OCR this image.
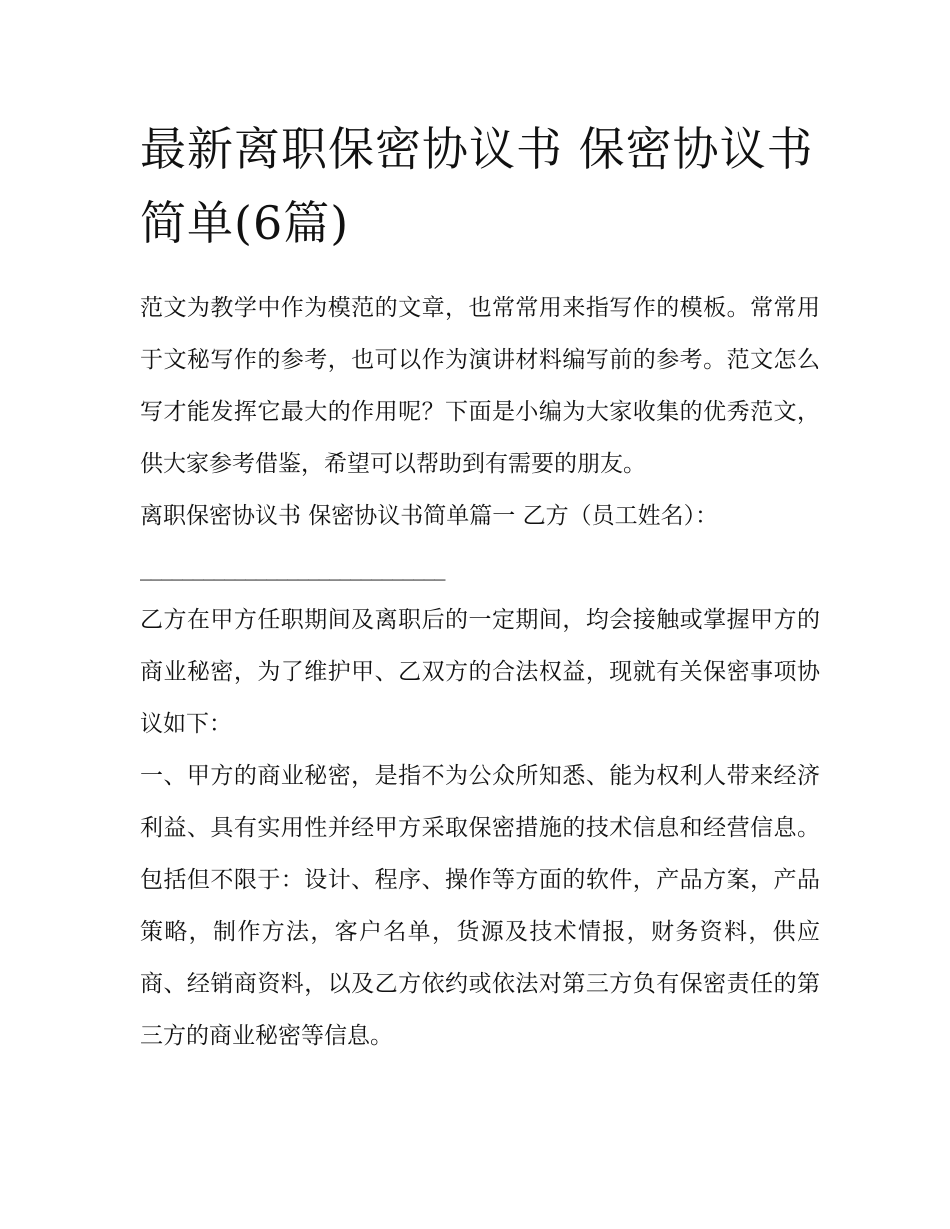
最新离职保密协议书 保密协议书简单(6篇)

范文为教学中作为模范的文章，也常常用来指写作的模板。常常用于文秘写作的参考，也可以作为演讲材料编写前的参考。范文怎么写才能发挥它最大的作用呢？下面是小编为大家收集的优秀范文，供大家参考借鉴，希望可以帮助到有需要的朋友。

离职保密协议书 保密协议书简单篇一 乙方（员工姓名）：

_____________________________

乙方在甲方任职期间及离职后的一定期间，均会接触或掌握甲方的商业秘密，为了维护甲、乙双方的合法权益，现就有关保密事项协议如下：

一、甲方的商业秘密，是指不为公众所知悉、能为权利人带来经济利益、具有实用性并经甲方采取保密措施的技术信息和经营信息。包括但不限于：设计、程序、操作等方面的软件，产品方案，产品策略，制作方法，客户名单，货源及技术情报，财务资料，供应商、经销商资料，以及乙方依约或依法对第三方负有保密责任的第三方的商业秘密等信息。
